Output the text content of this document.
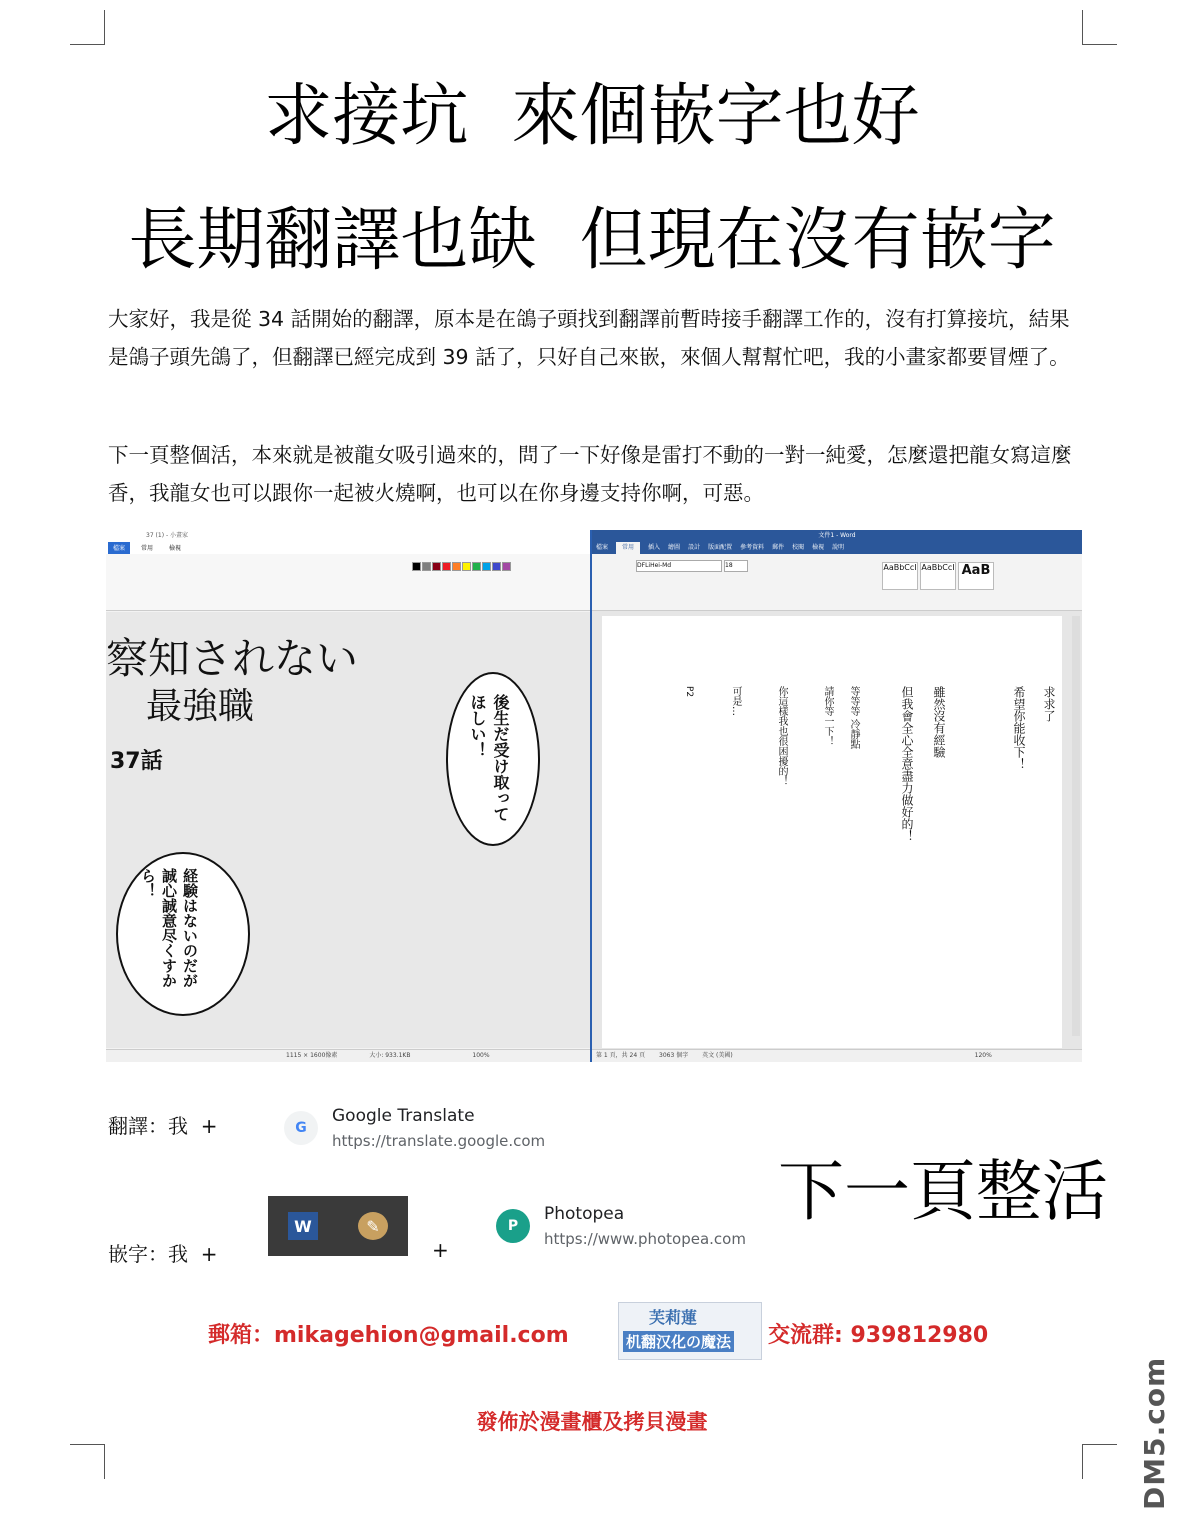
求接坑  來個嵌字也好
長期翻譯也缺  但現在沒有嵌字
大家好，我是從 34 話開始的翻譯，原本是在鴿子頭找到翻譯前暫時接手翻譯工作的，沒有打算接坑，結果是鴿子頭先鴿了，但翻譯已經完成到 39 話了，只好自己來嵌，來個人幫幫忙吧，我的小畫家都要冒煙了。
下一頁整個活，本來就是被龍女吸引過來的，問了一下好像是雷打不動的一對一純愛，怎麼還把龍女寫這麼香，我龍女也可以跟你一起被火燒啊，也可以在你身邊支持你啊，可惡。
37 (1) - 小畫家
檔案	常用	檢視
察知されない
最強職
37話	後生だ受け取ってほしい！
経験はないのだが誠心誠意尽くすから！
1115 × 1600像素	大小: 933.1KB	100%
文件1 - Word
檔案	常用	插入 繪圖 設計 版面配置 參考資料 郵件 校閱 檢視 說明
DFLiHei-Md	18	AaBbCcI AaBbCcI AaB
求求了
希望你能收下！
雖然沒有經驗
但我會全心全意盡力做好的！
等等等 冷靜點
請你等一下！
你這樣我也很困擾的！
可是…
P2
第 1 頁，共 24 頁 3063 個字 英文 (美國)	120%
翻譯：我  +	G
Google Translate
https://translate.google.com
嵌字：我  +
W	✎
+
P
Photopea
https://www.photopea.com
下一頁整活
郵箱：mikagehion@gmail.com
芙莉蓮
机翻汉化の魔法 交流群: 939812980
發佈於漫畫櫃及拷貝漫畫	DM5.com
